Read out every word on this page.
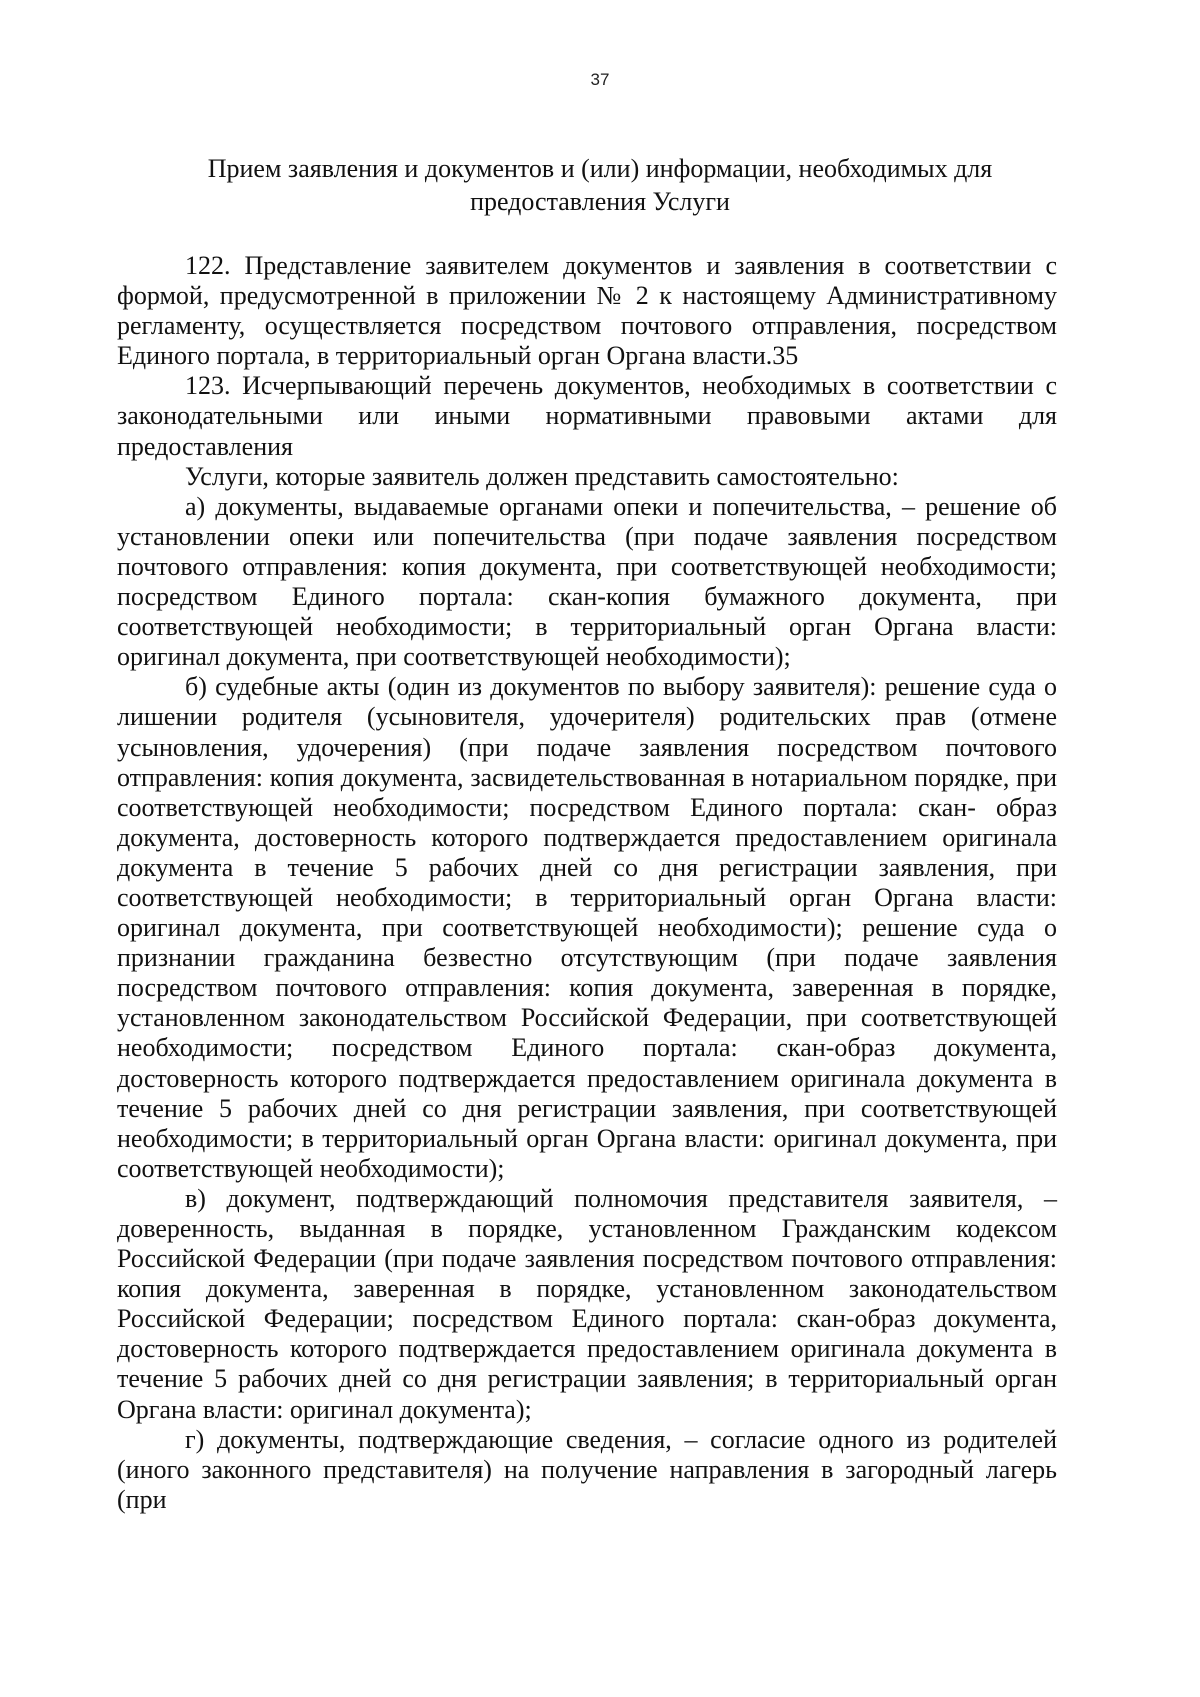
37
Прием заявления и документов и (или) информации, необходимых для
предоставления Услуги

122. Представление заявителем документов и заявления в соответствии с формой, предусмотренной в приложении № 2 к настоящему Административному регламенту, осуществляется посредством почтового отправления, посредством Единого портала, в территориальный орган Органа власти.35

123. Исчерпывающий перечень документов, необходимых в соответствии с законодательными или иными нормативными правовыми актами для предоставления

Услуги, которые заявитель должен представить самостоятельно:

а) документы, выдаваемые органами опеки и попечительства, – решение об установлении опеки или попечительства (при подаче заявления посредством почтового отправления: копия документа, при соответствующей необходимости; посредством Единого портала: скан-копия бумажного документа, при соответствующей необходимости; в территориальный орган Органа власти: оригинал документа, при соответствующей необходимости);

б) судебные акты (один из документов по выбору заявителя): решение суда о лишении родителя (усыновителя, удочерителя) родительских прав (отмене усыновления, удочерения) (при подаче заявления посредством почтового отправления: копия документа, засвидетельствованная в нотариальном порядке, при соответствующей необходимости; посредством Единого портала: скан- образ документа, достоверность которого подтверждается предоставлением оригинала документа в течение 5 рабочих дней со дня регистрации заявления, при соответствующей необходимости; в территориальный орган Органа власти: оригинал документа, при соответствующей необходимости); решение суда о признании гражданина безвестно отсутствующим (при подаче заявления посредством почтового отправления: копия документа, заверенная в порядке, установленном законодательством Российской Федерации, при соответствующей необходимости; посредством Единого портала: скан-образ документа, достоверность которого подтверждается предоставлением оригинала документа в течение 5 рабочих дней со дня регистрации заявления, при соответствующей необходимости; в территориальный орган Органа власти: оригинал документа, при соответствующей необходимости);

в) документ, подтверждающий полномочия представителя заявителя, – доверенность, выданная в порядке, установленном Гражданским кодексом Российской Федерации (при подаче заявления посредством почтового отправления: копия документа, заверенная в порядке, установленном законодательством Российской Федерации; посредством Единого портала: скан-образ документа, достоверность которого подтверждается предоставлением оригинала документа в течение 5 рабочих дней со дня регистрации заявления; в территориальный орган Органа власти: оригинал документа);

г) документы, подтверждающие сведения, – согласие одного из родителей (иного законного представителя) на получение направления в загородный лагерь (при
